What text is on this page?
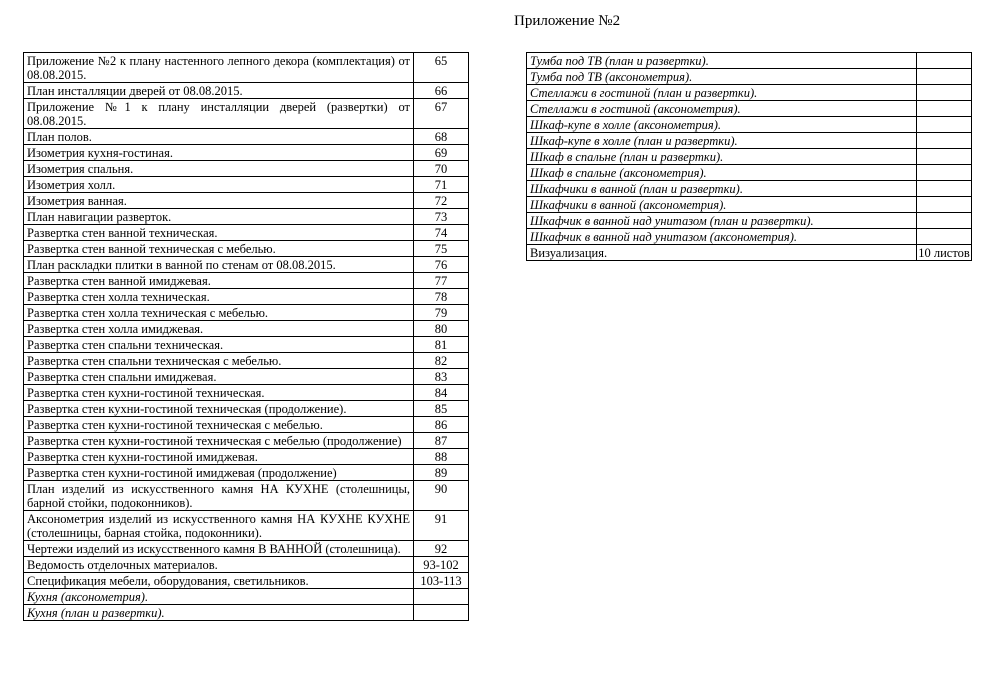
Приложение №2
Приложение №2 к плану настенного лепного декора (комплектация) от 08.08.2015.	65
План инсталляции дверей от 08.08.2015.	66
Приложение №1 к плану инсталляции дверей (развертки) от 08.08.2015.	67
План полов.	68
Изометрия кухня-гостиная.	69
Изометрия спальня.	70
Изометрия холл.	71
Изометрия ванная.	72
План навигации разверток.	73
Развертка стен ванной техническая.	74
Развертка стен ванной техническая с мебелью.	75
План раскладки плитки в ванной по стенам от 08.08.2015.	76
Развертка стен ванной имиджевая.	77
Развертка стен холла техническая.	78
Развертка стен холла техническая с мебелью.	79
Развертка стен холла имиджевая.	80
Развертка стен спальни техническая.	81
Развертка стен спальни техническая с мебелью.	82
Развертка стен спальни имиджевая.	83
Развертка стен кухни-гостиной техническая.	84
Развертка стен кухни-гостиной техническая (продолжение).	85
Развертка стен кухни-гостиной техническая с мебелью.	86
Развертка стен кухни-гостиной техническая с мебелью (продолжение)	87
Развертка стен кухни-гостиной имиджевая.	88
Развертка стен кухни-гостиной имиджевая (продолжение)	89
План изделий из искусственного камня НА КУХНЕ (столешницы, барной стойки, подоконников).	90
Аксонометрия изделий из искусственного камня НА КУХНЕ КУХНЕ (столешницы, барная стойка, подоконники).	91
Чертежи изделий из искусственного камня В ВАННОЙ (столешница).	92
Ведомость отделочных материалов.	93-102
Спецификация мебели, оборудования, светильников.	103-113
Кухня (аксонометрия).	
Кухня (план и развертки).	
Тумба под ТВ (план и развертки).	
Тумба под ТВ (аксонометрия).	
Стеллажи в гостиной (план и развертки).	
Стеллажи в гостиной (аксонометрия).	
Шкаф-купе в холле (аксонометрия).	
Шкаф-купе в холле (план и развертки).	
Шкаф в спальне (план и развертки).	
Шкаф в спальне (аксонометрия).	
Шкафчики в ванной (план и развертки).	
Шкафчики в ванной (аксонометрия).	
Шкафчик в ванной над унитазом (план и развертки).	
Шкафчик в ванной над унитазом (аксонометрия).	
Визуализация.	10 листов
